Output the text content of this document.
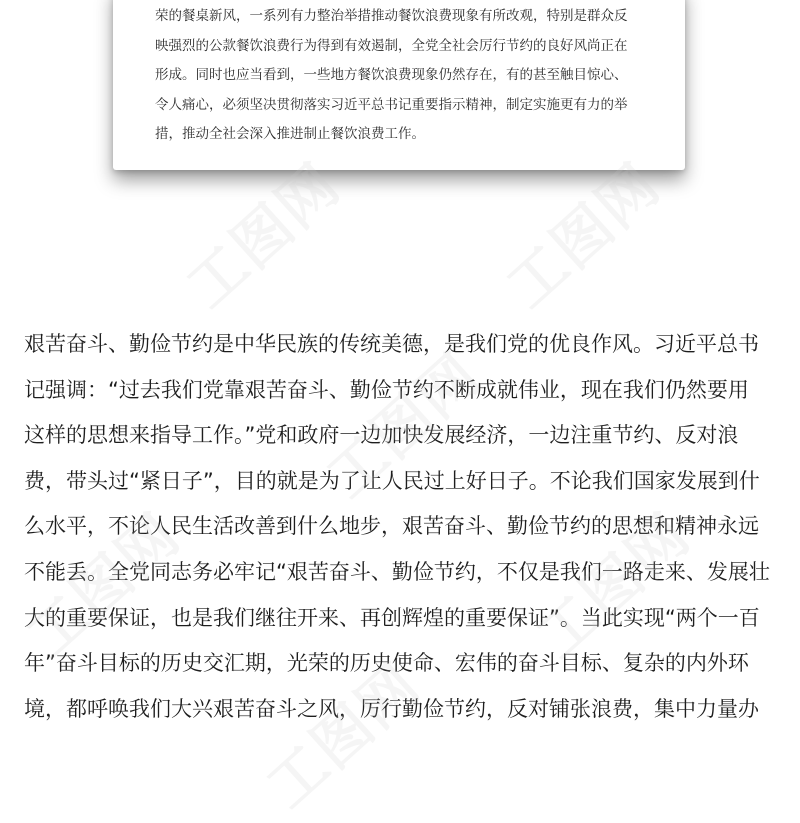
荣的餐桌新风，一系列有力整治举措推动餐饮浪费现象有所改观，特别是群众反
映强烈的公款餐饮浪费行为得到有效遏制，全党全社会厉行节约的良好风尚正在
形成。同时也应当看到，一些地方餐饮浪费现象仍然存在，有的甚至触目惊心、
令人痛心，必须坚决贯彻落实习近平总书记重要指示精神，制定实施更有力的举
措，推动全社会深入推进制止餐饮浪费工作。
艰苦奋斗、勤俭节约是中华民族的传统美德，是我们党的优良作风。习近平总书
记强调：“过去我们党靠艰苦奋斗、勤俭节约不断成就伟业，现在我们仍然要用
这样的思想来指导工作。”党和政府一边加快发展经济，一边注重节约、反对浪
费，带头过“紧日子”，目的就是为了让人民过上好日子。不论我们国家发展到什
么水平，不论人民生活改善到什么地步，艰苦奋斗、勤俭节约的思想和精神永远
不能丢。全党同志务必牢记“艰苦奋斗、勤俭节约，不仅是我们一路走来、发展壮
大的重要保证，也是我们继往开来、再创辉煌的重要保证”。当此实现“两个一百
年”奋斗目标的历史交汇期，光荣的历史使命、宏伟的奋斗目标、复杂的内外环
境，都呼唤我们大兴艰苦奋斗之风，厉行勤俭节约，反对铺张浪费，集中力量办
工图网 工图网
工图网
工图网	工图网
工图网
